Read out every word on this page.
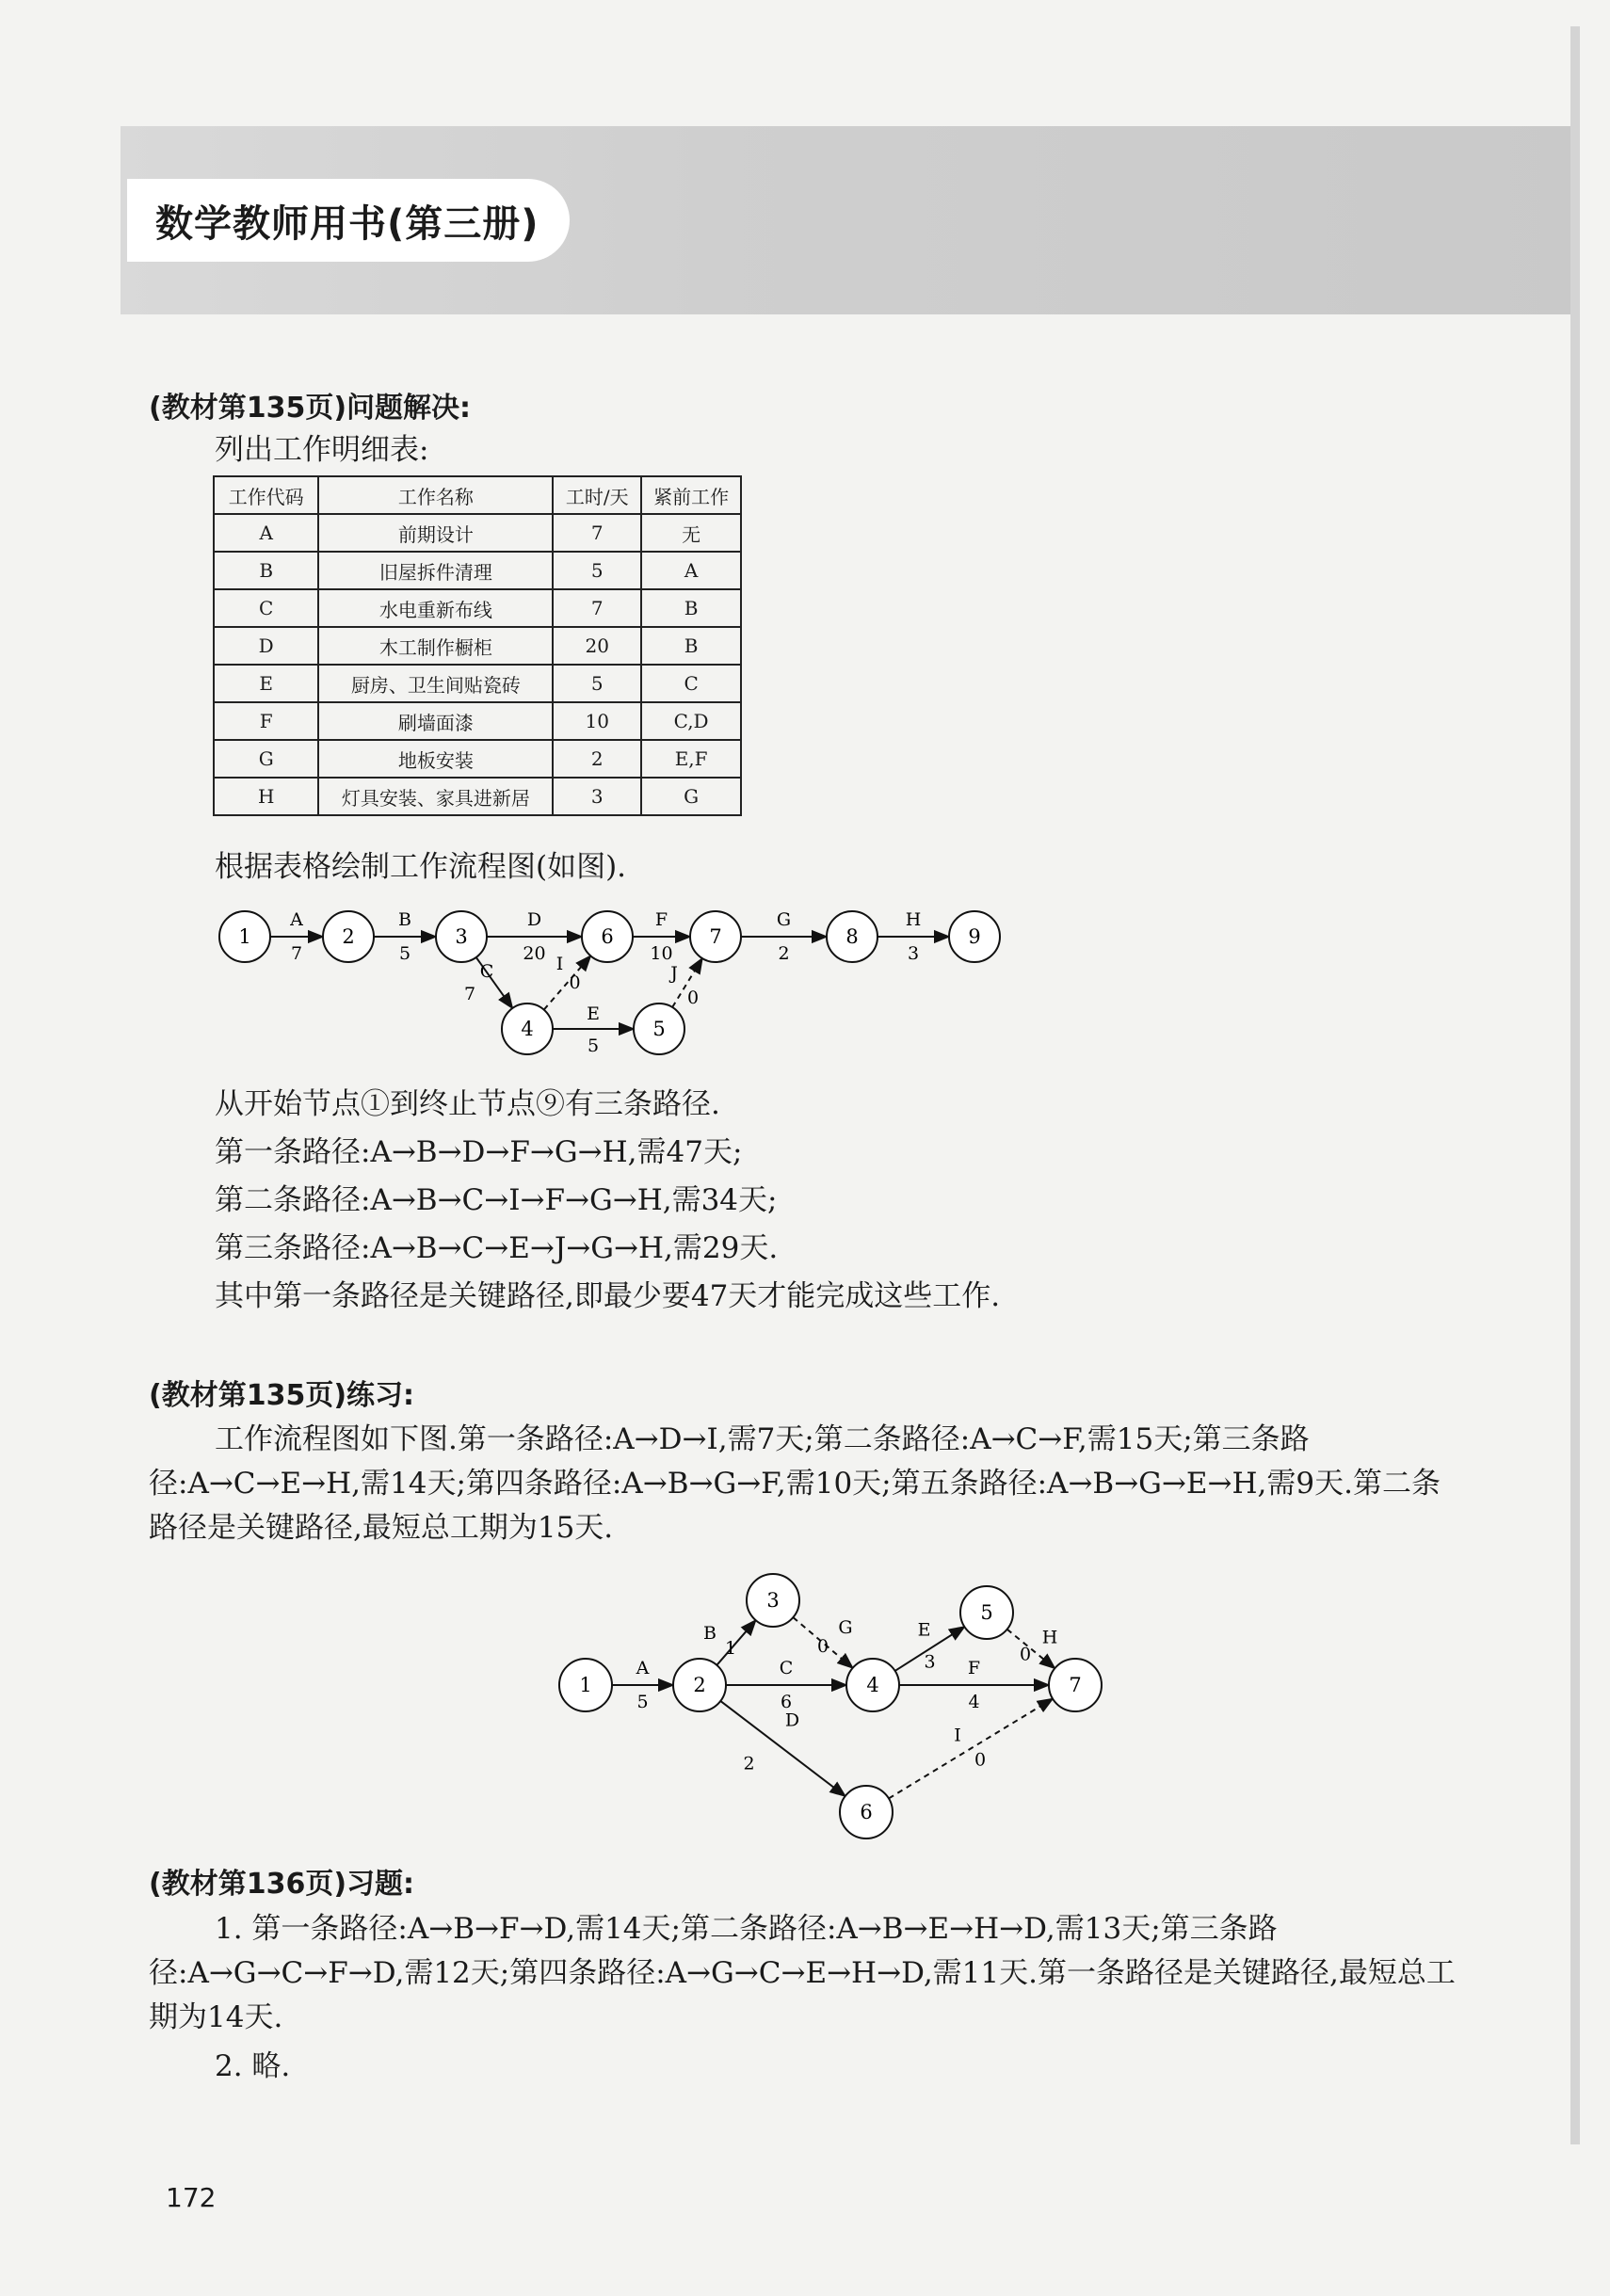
数学教师用书(第三册)
(教材第135页)问题解决:
列出工作明细表:
工作代码	工作名称	工时/天	紧前工作
A	前期设计	7	无
B	旧屋拆件清理	5	A
C	水电重新布线	7	B
D	木工制作橱柜	20	B
E	厨房、卫生间贴瓷砖	5	C
F	刷墙面漆	10	C,D
G	地板安装	2	E,F
H	灯具安装、家具进新居	3	G
根据表格绘制工作流程图(如图).
A
7
B
5
D
20
F
10
G
2
H
3
C
7
E
5
I
0	J
0
1	2	3
4	5
6	7	8	9
从开始节点①到终止节点⑨有三条路径.
第一条路径:A→B→D→F→G→H,需47天;
第二条路径:A→B→C→I→F→G→H,需34天;
第三条路径:A→B→C→E→J→G→H,需29天.
其中第一条路径是关键路径,即最少要47天才能完成这些工作.
(教材第135页)练习:
工作流程图如下图.第一条路径:A→D→I,需7天;第二条路径:A→C→F,需15天;第三条路径:A→C→E→H,需14天;第四条路径:A→B→G→F,需10天;第五条路径:A→B→G→E→H,需9天.第二条路径是关键路径,最短总工期为15天.
A
5
B
1
G
0
C
6
E
3
H
0
F
4
D
2
I
0
1	2
3
4
5
6
7
(教材第136页)习题:
1. 第一条路径:A→B→F→D,需14天;第二条路径:A→B→E→H→D,需13天;第三条路径:A→G→C→F→D,需12天;第四条路径:A→G→C→E→H→D,需11天.第一条路径是关键路径,最短总工期为14天.
2. 略.
172
